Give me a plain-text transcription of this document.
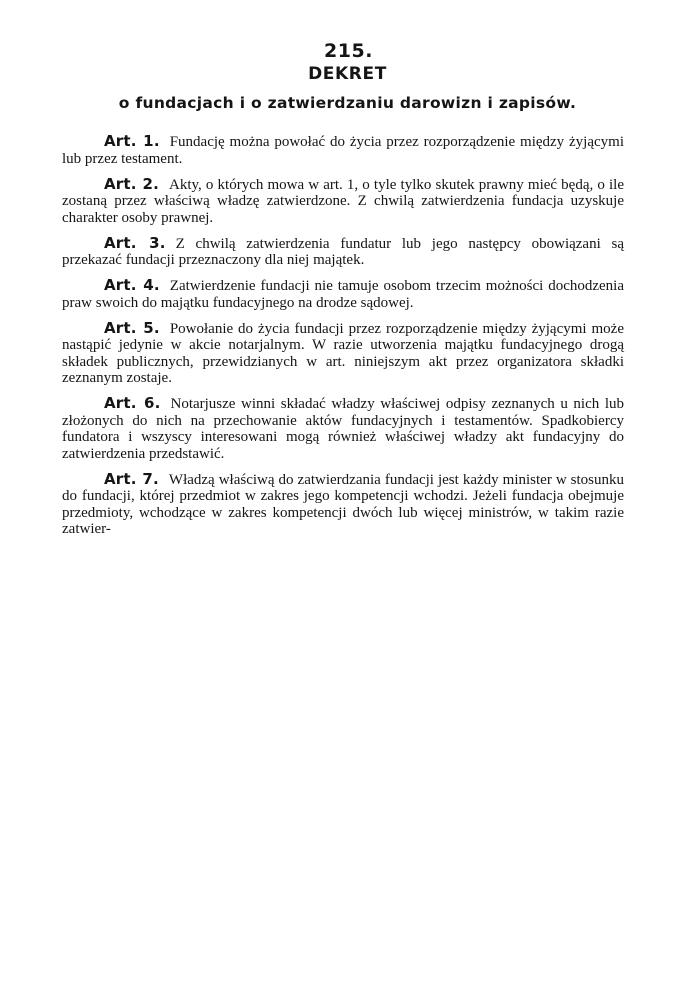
215.
DEKRET
o fundacjach i o zatwierdzaniu darowizn i zapisów.

Art. 1. Fundację można powołać do życia przez rozporządzenie między żyjącymi lub przez testament.

Art. 2. Akty, o których mowa w art. 1, o tyle tylko skutek prawny mieć będą, o ile zostaną przez właściwą władzę zatwierdzone. Z chwilą zatwierdzenia fundacja uzyskuje charakter osoby prawnej.

Art. 3. Z chwilą zatwierdzenia fundatur lub jego następcy obowiązani są przekazać fundacji przeznaczony dla niej majątek.

Art. 4. Zatwierdzenie fundacji nie tamuje osobom trzecim możności dochodzenia praw swoich do majątku fundacyjnego na drodze sądowej.

Art. 5. Powołanie do życia fundacji przez rozporządzenie między żyjącymi może nastąpić jedynie w akcie notarjalnym. W razie utworzenia majątku fundacyjnego drogą składek publicznych, przewidzianych w art. niniejszym akt przez organizatora składki zeznanym zostaje.

Art. 6. Notarjusze winni składać władzy właściwej odpisy zeznanych u nich lub złożonych do nich na przechowanie aktów fundacyjnych i testamentów. Spadkobiercy fundatora i wszyscy interesowani mogą również właściwej władzy akt fundacyjny do zatwierdzenia przedstawić.

Art. 7. Władzą właściwą do zatwierdzania fundacji jest każdy minister w stosunku do fundacji, której przedmiot w zakres jego kompetencji wchodzi. Jeżeli fundacja obejmuje przedmioty, wchodzące w zakres kompetencji dwóch lub więcej ministrów, w takim razie zatwier-
